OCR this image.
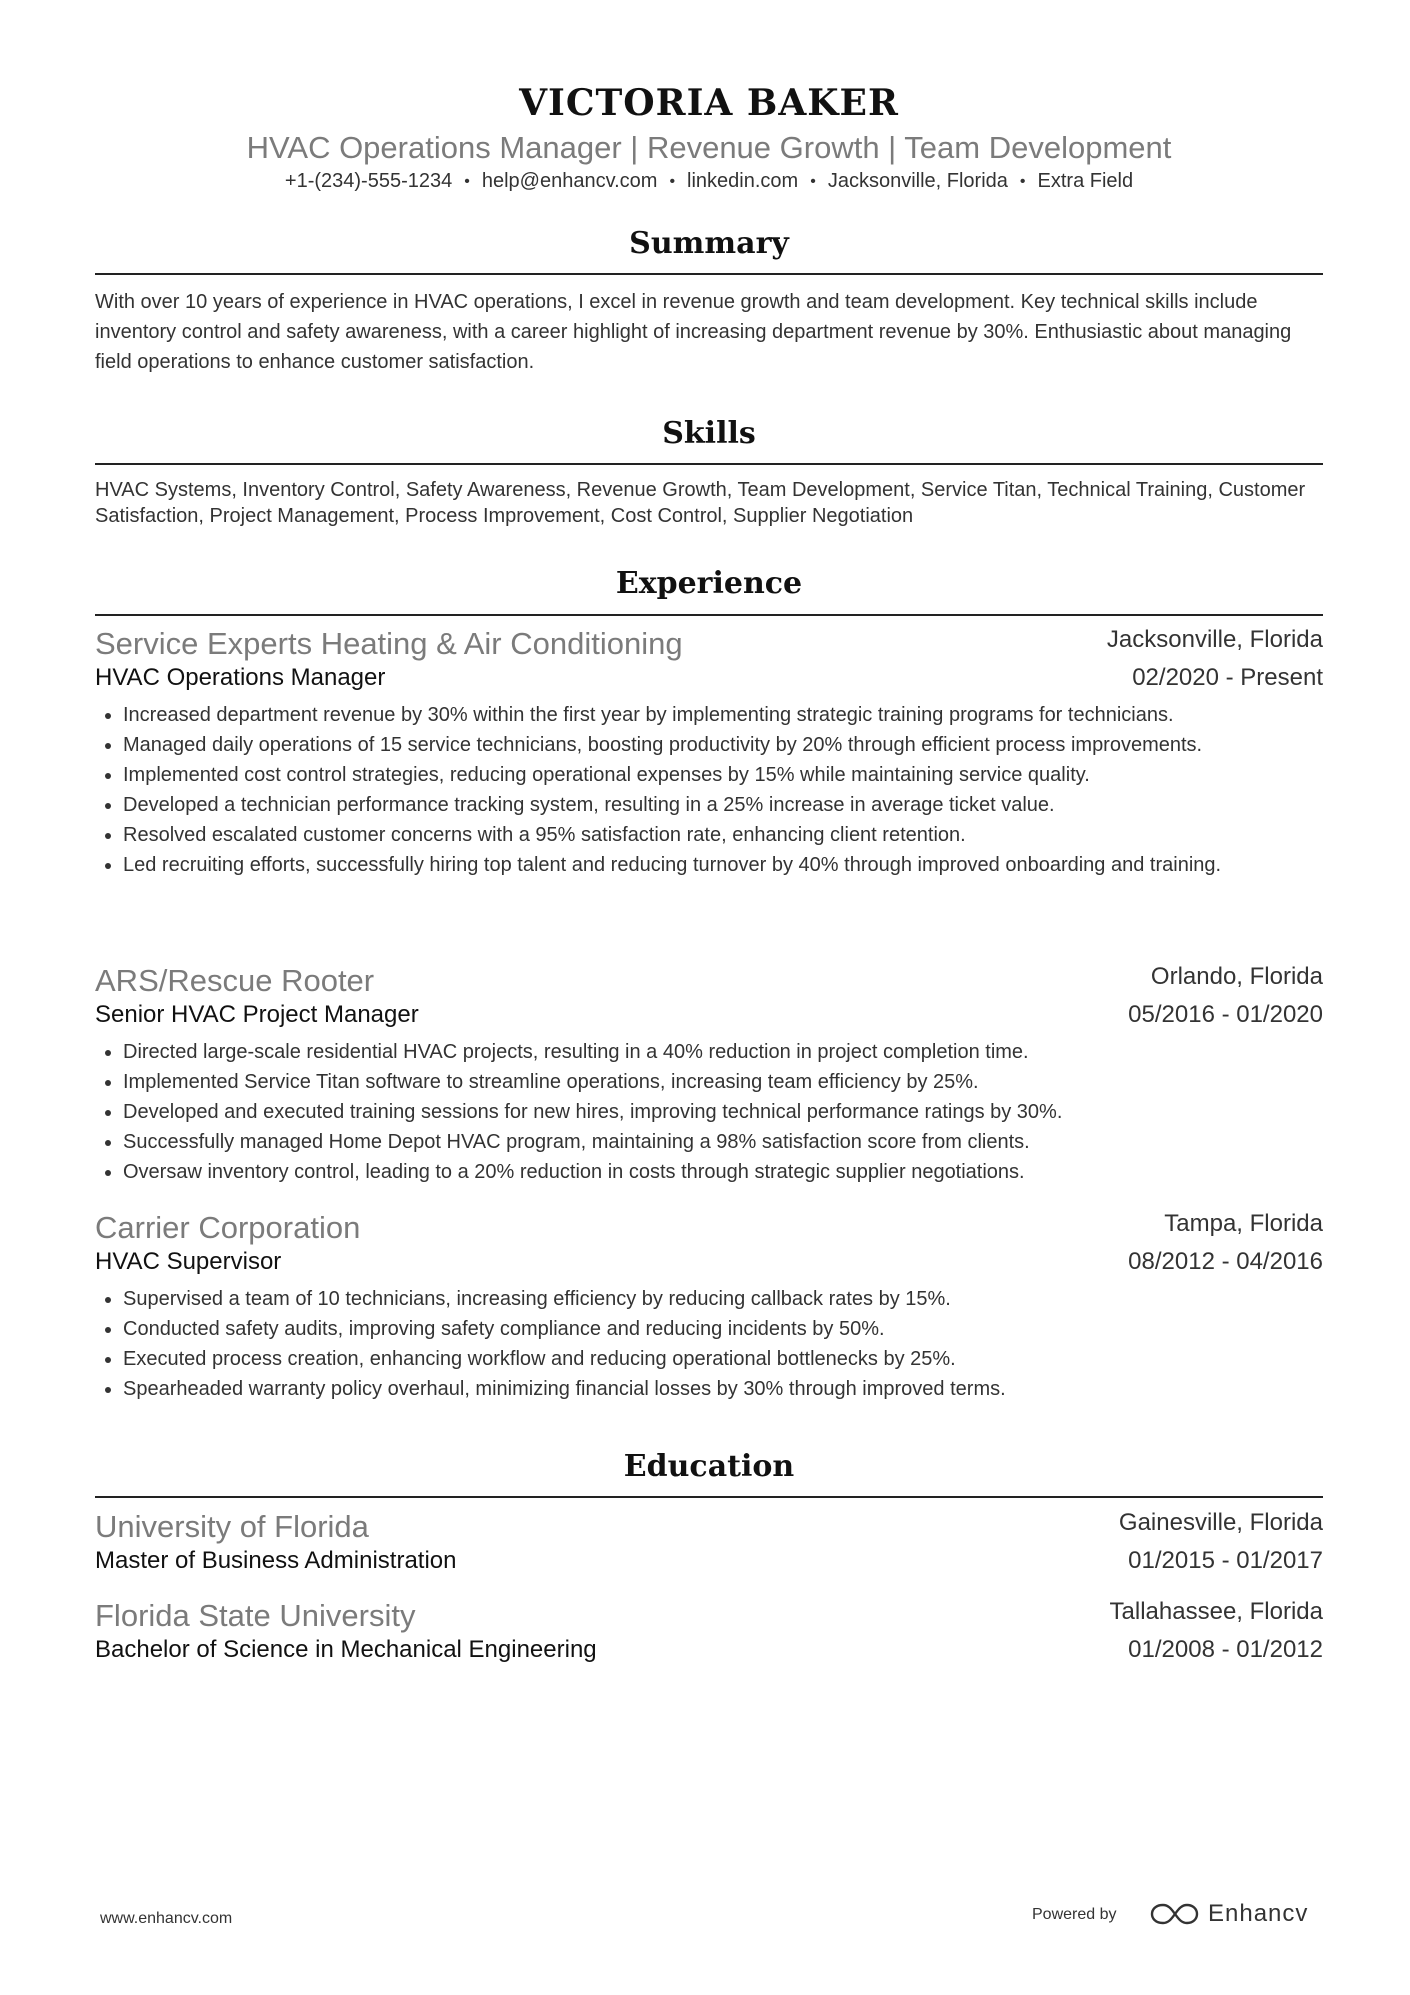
VICTORIA BAKER
HVAC Operations Manager | Revenue Growth | Team Development
+1-(234)-555-1234 • help@enhancv.com • linkedin.com • Jacksonville, Florida • Extra Field
Summary
With over 10 years of experience in HVAC operations, I excel in revenue growth and team development. Key technical skills include inventory control and safety awareness, with a career highlight of increasing department revenue by 30%. Enthusiastic about managing field operations to enhance customer satisfaction.
Skills
HVAC Systems, Inventory Control, Safety Awareness, Revenue Growth, Team Development, Service Titan, Technical Training, Customer Satisfaction, Project Management, Process Improvement, Cost Control, Supplier Negotiation
Experience
Service Experts Heating & Air Conditioning	Jacksonville, Florida
HVAC Operations Manager	02/2020 - Present
Increased department revenue by 30% within the first year by implementing strategic training programs for technicians.
Managed daily operations of 15 service technicians, boosting productivity by 20% through efficient process improvements.
Implemented cost control strategies, reducing operational expenses by 15% while maintaining service quality.
Developed a technician performance tracking system, resulting in a 25% increase in average ticket value.
Resolved escalated customer concerns with a 95% satisfaction rate, enhancing client retention.
Led recruiting efforts, successfully hiring top talent and reducing turnover by 40% through improved onboarding and training.
ARS/Rescue Rooter	Orlando, Florida
Senior HVAC Project Manager	05/2016 - 01/2020
Directed large-scale residential HVAC projects, resulting in a 40% reduction in project completion time.
Implemented Service Titan software to streamline operations, increasing team efficiency by 25%.
Developed and executed training sessions for new hires, improving technical performance ratings by 30%.
Successfully managed Home Depot HVAC program, maintaining a 98% satisfaction score from clients.
Oversaw inventory control, leading to a 20% reduction in costs through strategic supplier negotiations.
Carrier Corporation	Tampa, Florida
HVAC Supervisor	08/2012 - 04/2016
Supervised a team of 10 technicians, increasing efficiency by reducing callback rates by 15%.
Conducted safety audits, improving safety compliance and reducing incidents by 50%.
Executed process creation, enhancing workflow and reducing operational bottlenecks by 25%.
Spearheaded warranty policy overhaul, minimizing financial losses by 30% through improved terms.
Education
University of Florida	Gainesville, Florida
Master of Business Administration	01/2015 - 01/2017
Florida State University	Tallahassee, Florida
Bachelor of Science in Mechanical Engineering	01/2008 - 01/2012
www.enhancv.com	Powered by	Enhancv
